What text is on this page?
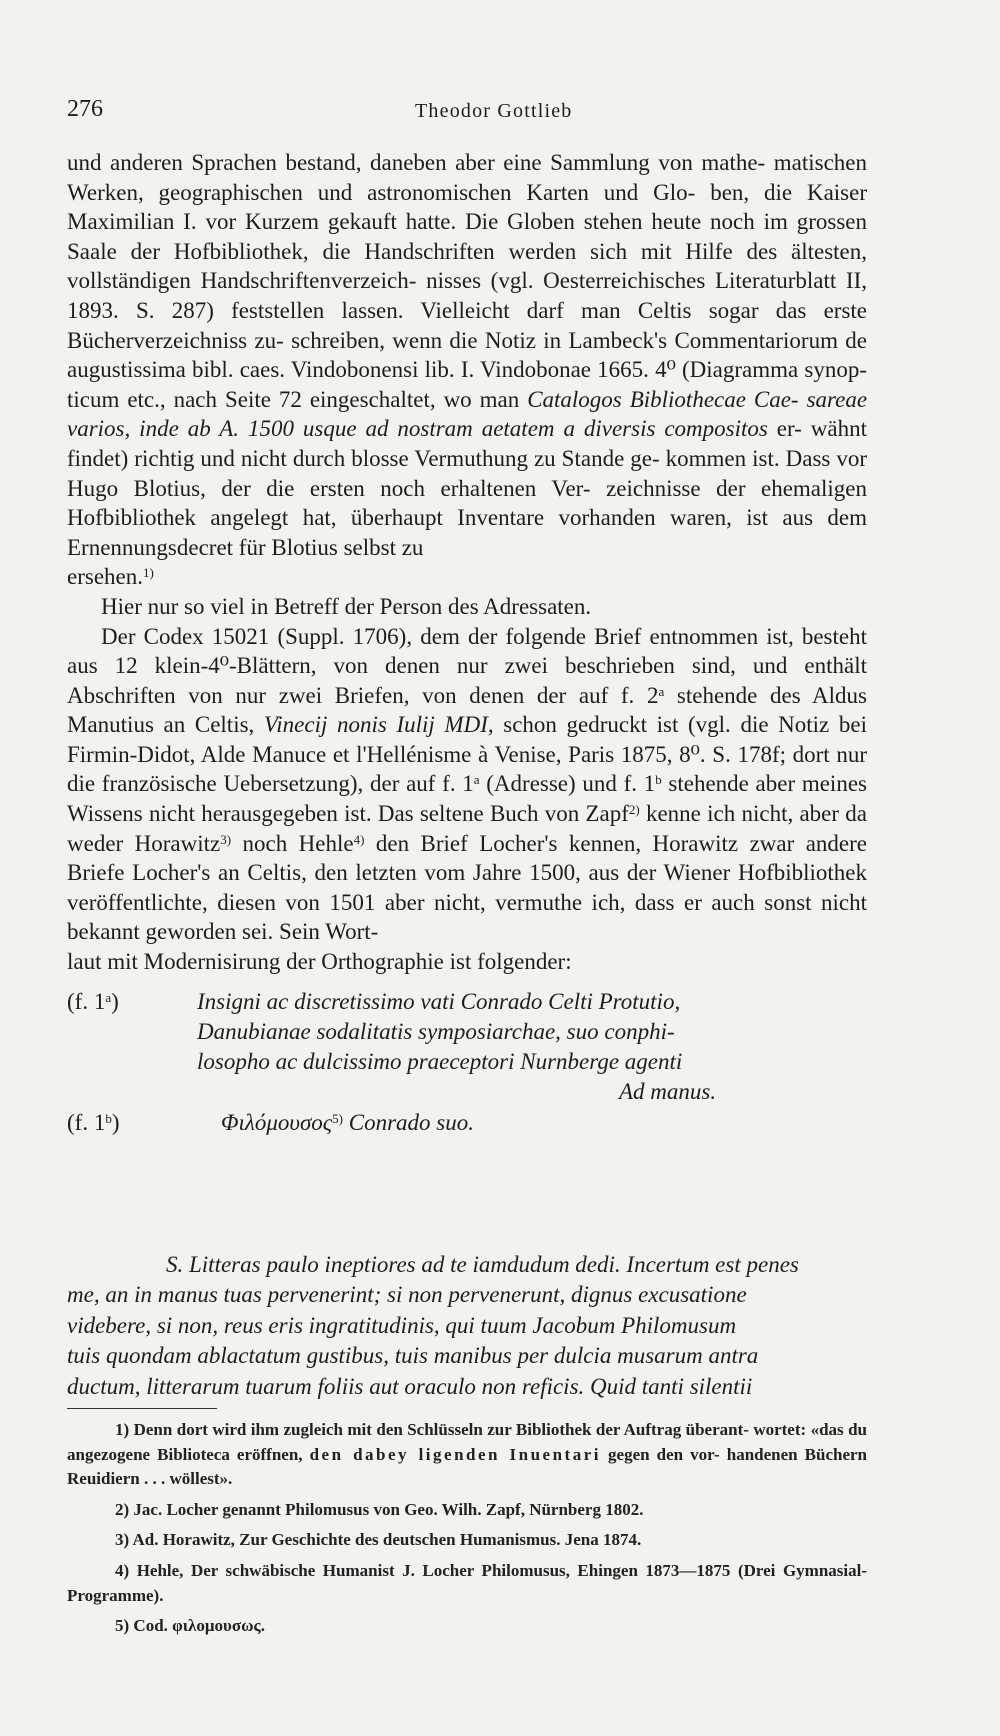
276	Theodor Gottlieb

und anderen Sprachen bestand, daneben aber eine Sammlung von mathe- matischen Werken, geographischen und astronomischen Karten und Glo- ben, die Kaiser Maximilian I. vor Kurzem gekauft hatte. Die Globen stehen heute noch im grossen Saale der Hofbibliothek, die Handschriften werden sich mit Hilfe des ältesten, vollständigen Handschriftenverzeich- nisses (vgl. Oesterreichisches Literaturblatt II, 1893. S. 287) feststellen lassen. Vielleicht darf man Celtis sogar das erste Bücherverzeichniss zu- schreiben, wenn die Notiz in Lambeck's Commentariorum de augustissima bibl. caes. Vindobonensi lib. I. Vindobonae 1665. 4⁰ (Diagramma synop- ticum etc., nach Seite 72 eingeschaltet, wo man Catalogos Bibliothecae Cae- sareae varios, inde ab A. 1500 usque ad nostram aetatem a diversis compositos er- wähnt findet) richtig und nicht durch blosse Vermuthung zu Stande ge- kommen ist. Dass vor Hugo Blotius, der die ersten noch erhaltenen Ver- zeichnisse der ehemaligen Hofbibliothek angelegt hat, überhaupt Inventare vorhanden waren, ist aus dem Ernennungsdecret für Blotius selbst zu

ersehen.$^{1)}$

Hier nur so viel in Betreff der Person des Adressaten.

Der Codex 15021 (Suppl. 1706), dem der folgende Brief entnommen ist, besteht aus 12 klein-4⁰-Blättern, von denen nur zwei beschrieben sind, und enthält Abschriften von nur zwei Briefen, von denen der auf f. 2$^a$ stehende des Aldus Manutius an Celtis, Vinecij nonis Iulij MDI, schon gedruckt ist (vgl. die Notiz bei Firmin-Didot, Alde Manuce et l'Hellénisme à Venise, Paris 1875, 8⁰. S. 178f; dort nur die französische Uebersetzung), der auf f. 1$^a$ (Adresse) und f. 1$^b$ stehende aber meines Wissens nicht herausgegeben ist. Das seltene Buch von Zapf$^{2)}$ kenne ich nicht, aber da weder Horawitz$^{3)}$ noch Hehle$^{4)}$ den Brief Locher's kennen, Horawitz zwar andere Briefe Locher's an Celtis, den letzten vom Jahre 1500, aus der Wiener Hofbibliothek veröffentlichte, diesen von 1501 aber nicht, vermuthe ich, dass er auch sonst nicht bekannt geworden sei. Sein Wort-

laut mit Modernisirung der Orthographie ist folgender:

(f. 1$^a$)	Insigni ac discretissimo vati Conrado Celti Protutio,
Danubianae sodalitatis symposiarchae, suo conphi-
losopho ac dulcissimo praeceptori Nurnberge agenti
Ad manus.
(f. 1$^b$)	Φιλόμουσος$^{5)}$ Conrado suo.

S. Litteras paulo ineptiores ad te iamdudum dedi. Incertum est penes

me, an in manus tuas pervenerint; si non pervenerunt, dignus excusatione

videbere, si non, reus eris ingratitudinis, qui tuum Jacobum Philomusum

tuis quondam ablactatum gustibus, tuis manibus per dulcia musarum antra

ductum, litterarum tuarum foliis aut oraculo non reficis. Quid tanti silentii

1) Denn dort wird ihm zugleich mit den Schlüsseln zur Bibliothek der Auftrag überant- wortet: «das du angezogene Biblioteca eröffnen, den dabey ligenden Inuentari gegen den vor- handenen Büchern Reuidiern . . . wöllest».

2) Jac. Locher genannt Philomusus von Geo. Wilh. Zapf, Nürnberg 1802.

3) Ad. Horawitz, Zur Geschichte des deutschen Humanismus. Jena 1874.

4) Hehle, Der schwäbische Humanist J. Locher Philomusus, Ehingen 1873—1875 (Drei Gymnasial-Programme).

5) Cod. φιλομουσως.
